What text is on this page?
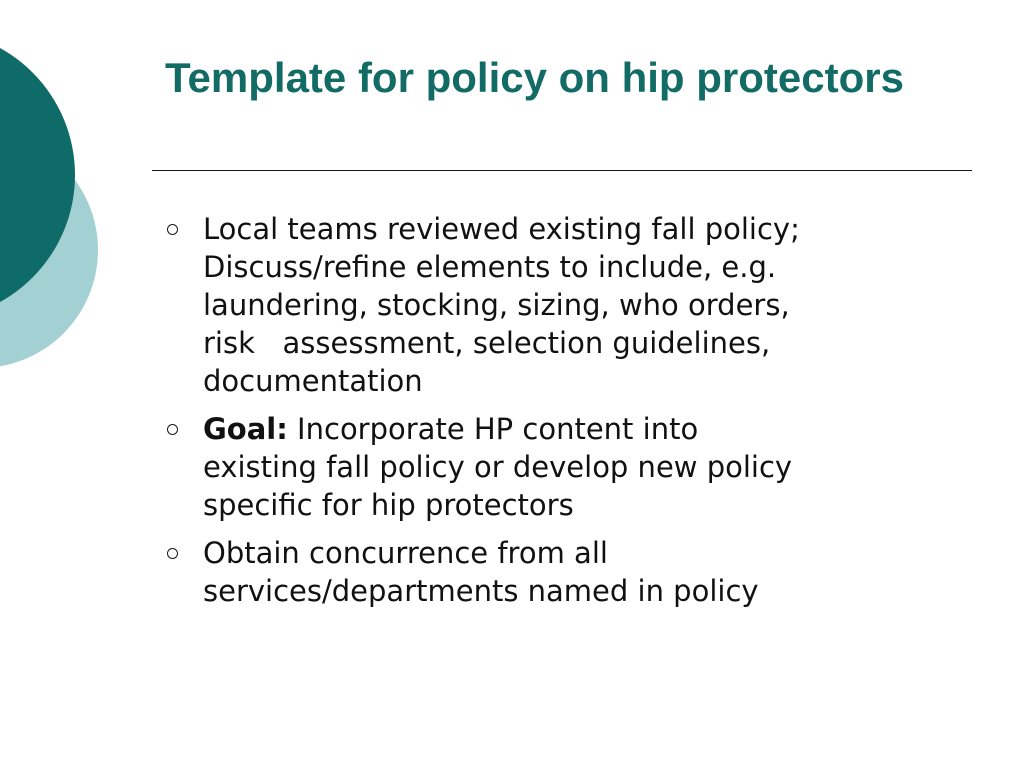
Template for policy on hip protectors
Local teams reviewed existing fall policy;
Discuss/refine elements to include, e.g.
laundering, stocking, sizing, who orders,
risk   assessment, selection guidelines,
documentation
Goal: Incorporate HP content into
existing fall policy or develop new policy
specific for hip protectors
Obtain concurrence from all
services/departments named in policy
